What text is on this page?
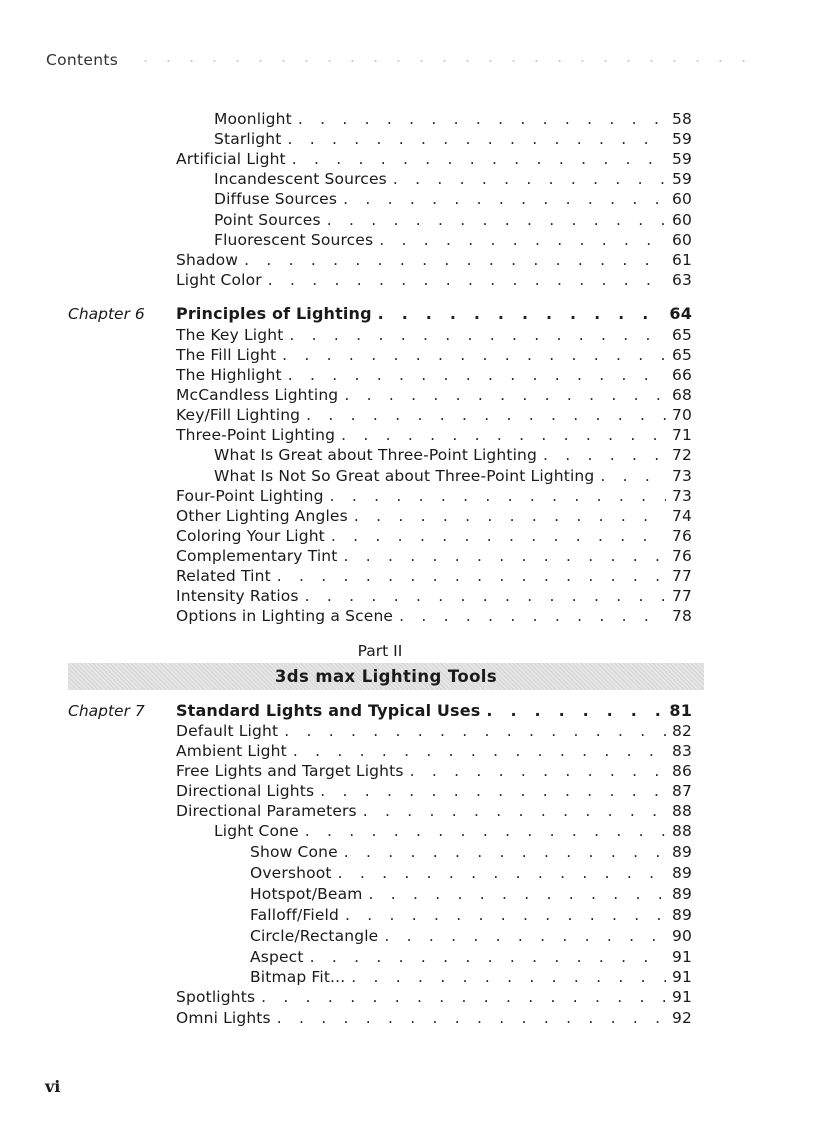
Contents
Moonlight . . .	58
Starlight . . .	59
Artificial Light . . .	59
Incandescent Sources . . .	59
Diffuse Sources . . .	60
Point Sources . . .	60
Fluorescent Sources . . .	60
Shadow . . .	61
Light Color . . .	63
Chapter 6 Principles of Lighting . . .	64
The Key Light . . .	65
The Fill Light . . .	65
The Highlight . . .	66
McCandless Lighting . . .	68
Key/Fill Lighting . . .	70
Three-Point Lighting . . .	71
What Is Great about Three-Point Lighting . . .	72
What Is Not So Great about Three-Point Lighting . . .	73
Four-Point Lighting . . .	73
Other Lighting Angles . . .	74
Coloring Your Light . . .	76
Complementary Tint . . .	76
Related Tint . . .	77
Intensity Ratios . . .	77
Options in Lighting a Scene . . .	78
Part II
3ds max Lighting Tools
Chapter 7 Standard Lights and Typical Uses . . .	81
Default Light . . .	82
Ambient Light . . .	83
Free Lights and Target Lights . . .	86
Directional Lights . . .	87
Directional Parameters . . .	88
Light Cone . . .	88
Show Cone . . .	89
Overshoot . . .	89
Hotspot/Beam . . .	89
Falloff/Field . . .	89
Circle/Rectangle . . .	90
Aspect . . .	91
Bitmap Fit... . . .	91
Spotlights . . .	91
Omni Lights . . .	92
vi
